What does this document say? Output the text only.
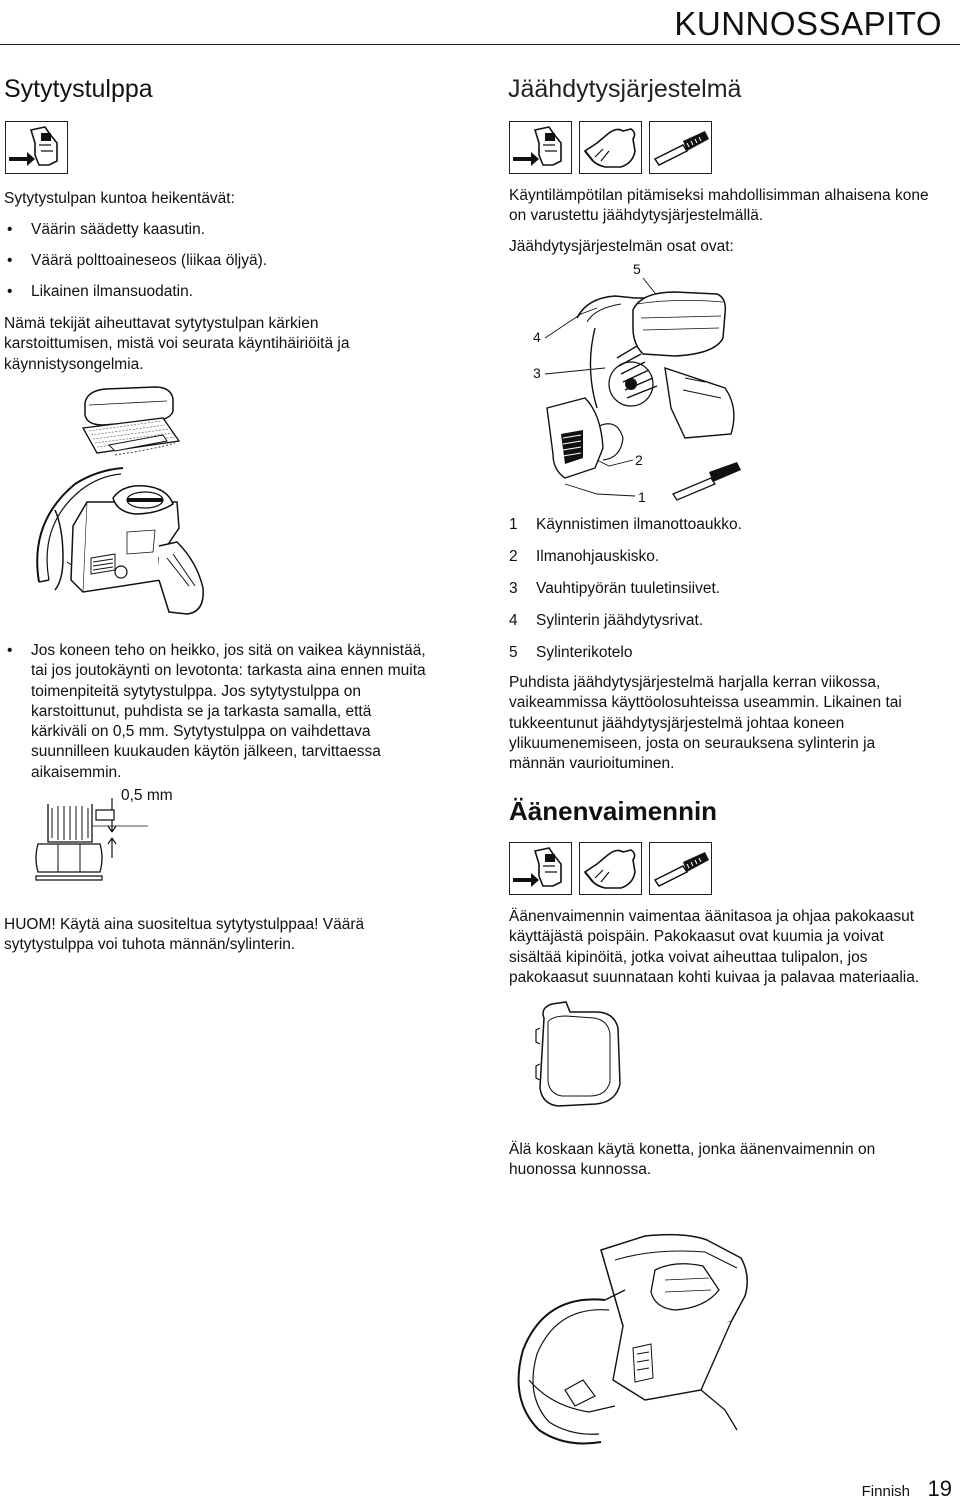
KUNNOSSAPITO
Sytytystulppa
Sytytystulpan kuntoa heikentävät:
• Väärin säädetty kaasutin.
• Väärä polttoaineseos (liikaa öljyä).
• Likainen ilmansuodatin.
Nämä tekijät aiheuttavat sytytystulpan kärkien
karstoittumisen, mistä voi seurata käyntihäiriöitä ja
käynnistysongelmia.
• Jos koneen teho on heikko, jos sitä on vaikea käynnistää,
tai jos joutokäynti on levotonta: tarkasta aina ennen muita
toimenpiteitä sytytystulppa. Jos sytytystulppa on
karstoittunut, puhdista se ja tarkasta samalla, että
kärkiväli on 0,5 mm. Sytytystulppa on vaihdettava
suunnilleen kuukauden käytön jälkeen, tarvittaessa
aikaisemmin.
0,5 mm
HUOM! Käytä aina suositeltua sytytystulppaa! Väärä
sytytystulppa voi tuhota männän/sylinterin.
Jäähdytysjärjestelmä
Käyntilämpötilan pitämiseksi mahdollisimman alhaisena kone
on varustettu jäähdytysjärjestelmällä.
Jäähdytysjärjestelmän osat ovat:
5
4
3
2
1
1 Käynnistimen ilmanottoaukko.
2 Ilmanohjauskisko.
3 Vauhtipyörän tuuletinsiivet.
4 Sylinterin jäähdytysrivat.
5 Sylinterikotelo
Puhdista jäähdytysjärjestelmä harjalla kerran viikossa,
vaikeammissa käyttöolosuhteissa useammin. Likainen tai
tukkeentunut jäähdytysjärjestelmä johtaa koneen
ylikuumenemiseen, josta on seurauksena sylinterin ja
männän vaurioituminen.
Äänenvaimennin
Äänenvaimennin vaimentaa äänitasoa ja ohjaa pakokaasut
käyttäjästä poispäin. Pakokaasut ovat kuumia ja voivat
sisältää kipinöitä, jotka voivat aiheuttaa tulipalon, jos
pakokaasut suunnataan kohti kuivaa ja palavaa materiaalia.
Älä koskaan käytä konetta, jonka äänenvaimennin on
huonossa kunnossa.
Finnish 19
